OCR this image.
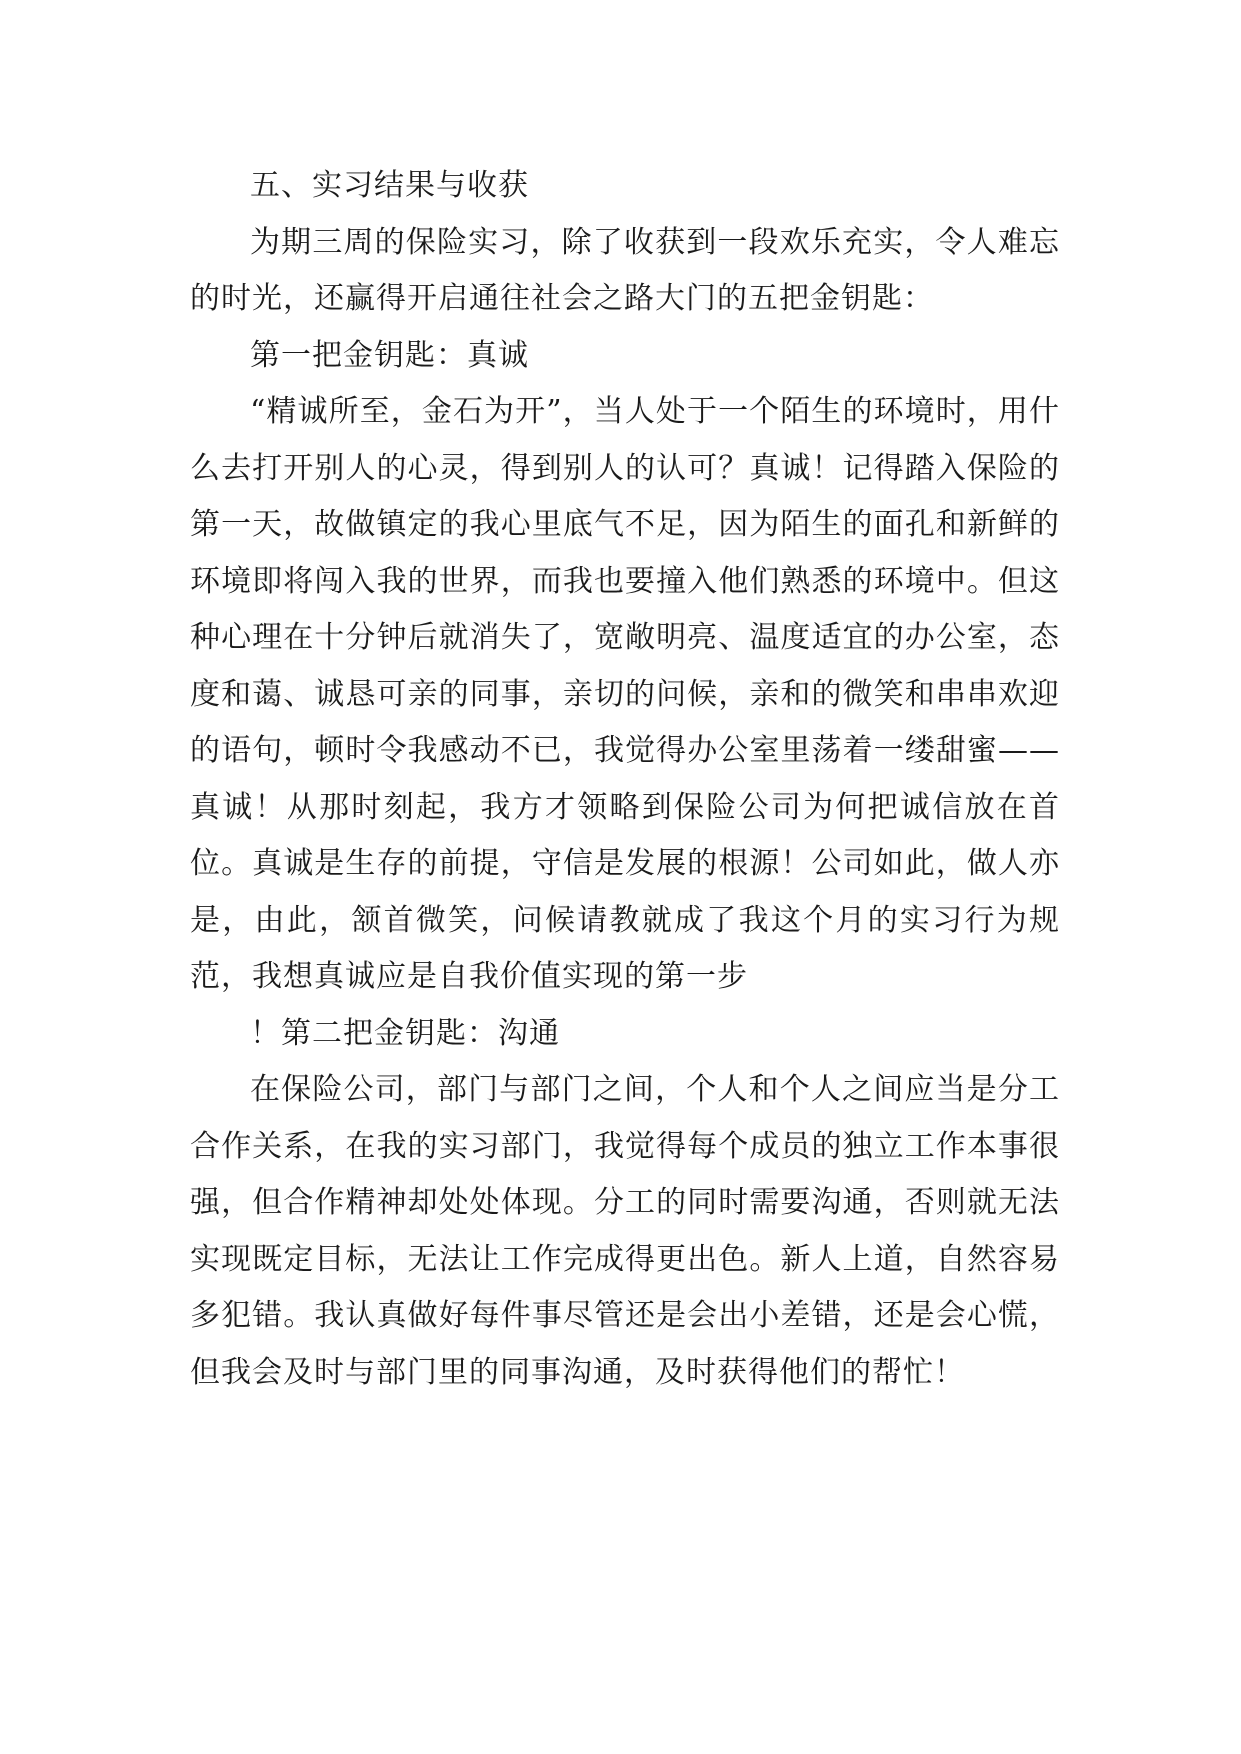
五、实习结果与收获

为期三周的保险实习，除了收获到一段欢乐充实，令人难忘的时光，还赢得开启通往社会之路大门的五把金钥匙：

第一把金钥匙：真诚

“精诚所至，金石为开”，当人处于一个陌生的环境时，用什么去打开别人的心灵，得到别人的认可？真诚！记得踏入保险的第一天，故做镇定的我心里底气不足，因为陌生的面孔和新鲜的环境即将闯入我的世界，而我也要撞入他们熟悉的环境中。但这种心理在十分钟后就消失了，宽敞明亮、温度适宜的办公室，态度和蔼、诚恳可亲的同事，亲切的问候，亲和的微笑和串串欢迎的语句，顿时令我感动不已，我觉得办公室里荡着一缕甜蜜——真诚！从那时刻起，我方才领略到保险公司为何把诚信放在首位。真诚是生存的前提，守信是发展的根源！公司如此，做人亦是，由此，颔首微笑，问候请教就成了我这个月的实习行为规范，我想真诚应是自我价值实现的第一步

！第二把金钥匙：沟通

在保险公司，部门与部门之间，个人和个人之间应当是分工合作关系，在我的实习部门，我觉得每个成员的独立工作本事很强，但合作精神却处处体现。分工的同时需要沟通，否则就无法实现既定目标，无法让工作完成得更出色。新人上道，自然容易多犯错。我认真做好每件事尽管还是会出小差错，还是会心慌，但我会及时与部门里的同事沟通，及时获得他们的帮忙！
